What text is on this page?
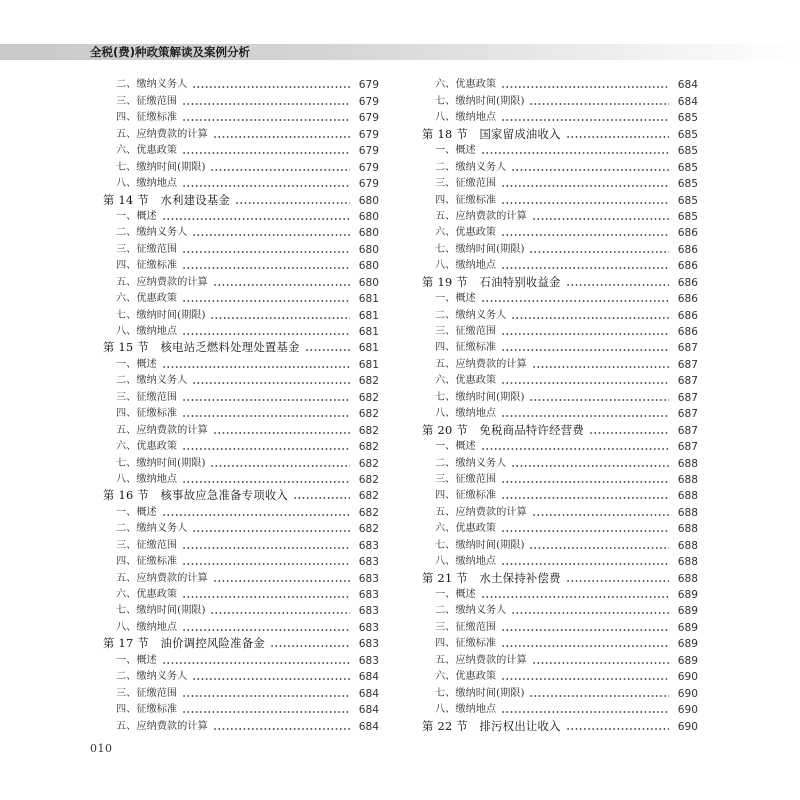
全税(费)种政策解读及案例分析
二、缴纳义务人	679
三、征缴范围	679
四、征缴标准	679
五、应纳费款的计算	679
六、优惠政策	679
七、缴纳时间(期限)	679
八、缴纳地点	679
第 14 节　水利建设基金	680
一、概述	680
二、缴纳义务人	680
三、征缴范围	680
四、征缴标准	680
五、应纳费款的计算	680
六、优惠政策	681
七、缴纳时间(期限)	681
八、缴纳地点	681
第 15 节　核电站乏燃料处理处置基金	681
一、概述	681
二、缴纳义务人	682
三、征缴范围	682
四、征缴标准	682
五、应纳费款的计算	682
六、优惠政策	682
七、缴纳时间(期限)	682
八、缴纳地点	682
第 16 节　核事故应急准备专项收入	682
一、概述	682
二、缴纳义务人	682
三、征缴范围	683
四、征缴标准	683
五、应纳费款的计算	683
六、优惠政策	683
七、缴纳时间(期限)	683
八、缴纳地点	683
第 17 节　油价调控风险准备金	683
一、概述	683
二、缴纳义务人	684
三、征缴范围	684
四、征缴标准	684
五、应纳费款的计算	684
六、优惠政策	684
七、缴纳时间(期限)	684
八、缴纳地点	685
第 18 节　国家留成油收入	685
一、概述	685
二、缴纳义务人	685
三、征缴范围	685
四、征缴标准	685
五、应纳费款的计算	685
六、优惠政策	686
七、缴纳时间(期限)	686
八、缴纳地点	686
第 19 节　石油特别收益金	686
一、概述	686
二、缴纳义务人	686
三、征缴范围	686
四、征缴标准	687
五、应纳费款的计算	687
六、优惠政策	687
七、缴纳时间(期限)	687
八、缴纳地点	687
第 20 节　免税商品特许经营费	687
一、概述	687
二、缴纳义务人	688
三、征缴范围	688
四、征缴标准	688
五、应纳费款的计算	688
六、优惠政策	688
七、缴纳时间(期限)	688
八、缴纳地点	688
第 21 节　水土保持补偿费	688
一、概述	689
二、缴纳义务人	689
三、征缴范围	689
四、征缴标准	689
五、应纳费款的计算	689
六、优惠政策	690
七、缴纳时间(期限)	690
八、缴纳地点	690
第 22 节　排污权出让收入	690
010
